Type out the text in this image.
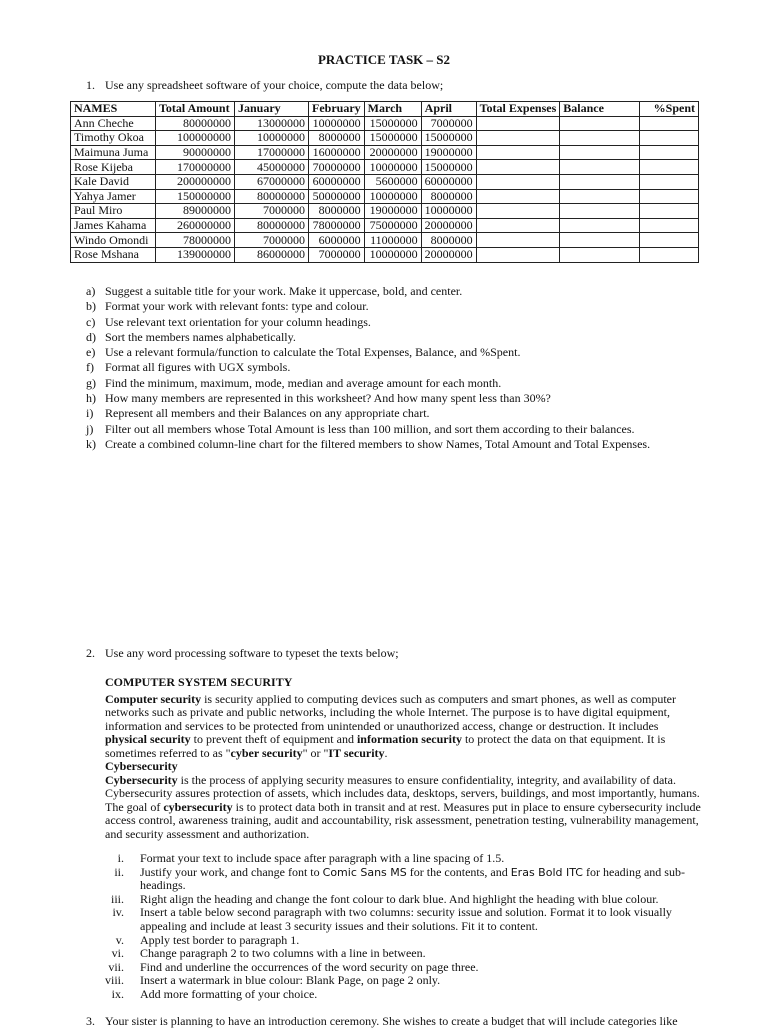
PRACTICE TASK – S2
1. Use any spreadsheet software of your choice, compute the data below;
NAMES	Total Amount	January	February	March	April	Total Expenses	Balance	%Spent
Ann Cheche	80000000	13000000	10000000	15000000	7000000			
Timothy Okoa	100000000	10000000	8000000	15000000	15000000			
Maimuna Juma	90000000	17000000	16000000	20000000	19000000			
Rose Kijeba	170000000	45000000	70000000	10000000	15000000			
Kale David	200000000	67000000	60000000	5600000	60000000			
Yahya Jamer	150000000	80000000	50000000	10000000	8000000			
Paul Miro	89000000	7000000	8000000	19000000	10000000			
James Kahama	260000000	80000000	78000000	75000000	20000000			
Windo Omondi	78000000	7000000	6000000	11000000	8000000			
Rose Mshana	139000000	86000000	7000000	10000000	20000000			
a) Suggest a suitable title for your work. Make it uppercase, bold, and center.
b) Format your work with relevant fonts: type and colour.
c) Use relevant text orientation for your column headings.
d) Sort the members names alphabetically.
e) Use a relevant formula/function to calculate the Total Expenses, Balance, and %Spent.
f) Format all figures with UGX symbols.
g) Find the minimum, maximum, mode, median and average amount for each month.
h) How many members are represented in this worksheet? And how many spent less than 30%?
i) Represent all members and their Balances on any appropriate chart.
j) Filter out all members whose Total Amount is less than 100 million, and sort them according to their balances.
k) Create a combined column-line chart for the filtered members to show Names, Total Amount and Total Expenses.
2. Use any word processing software to typeset the texts below;

COMPUTER SYSTEM SECURITY

Computer security is security applied to computing devices such as computers and smart phones, as well as computer networks such as private and public networks, including the whole Internet. The purpose is to have digital equipment, information and services to be protected from unintended or unauthorized access, change or destruction. It includes physical security to prevent theft of equipment and information security to protect the data on that equipment. It is sometimes referred to as "cyber security" or "IT security.

Cybersecurity

Cybersecurity is the process of applying security measures to ensure confidentiality, integrity, and availability of data. Cybersecurity assures protection of assets, which includes data, desktops, servers, buildings, and most importantly, humans. The goal of cybersecurity is to protect data both in transit and at rest. Measures put in place to ensure cybersecurity include access control, awareness training, audit and accountability, risk assessment, penetration testing, vulnerability management, and security assessment and authorization.

i.	Format your text to include space after paragraph with a line spacing of 1.5.
ii.	Justify your work, and change font to Comic Sans MS for the contents, and Eras Bold ITC for heading and sub-headings.
iii.	Right align the heading and change the font colour to dark blue. And highlight the heading with blue colour.
iv.	Insert a table below second paragraph with two columns: security issue and solution. Format it to look visually appealing and include at least 3 security issues and their solutions. Fit it to content.
v.	Apply test border to paragraph 1.
vi.	Change paragraph 2 to two columns with a line in between.
vii.	Find and underline the occurrences of the word security on page three.
viii.	Insert a watermark in blue colour: Blank Page, on page 2 only.
ix.	Add more formatting of your choice.
3. Your sister is planning to have an introduction ceremony. She wishes to create a budget that will include categories like
